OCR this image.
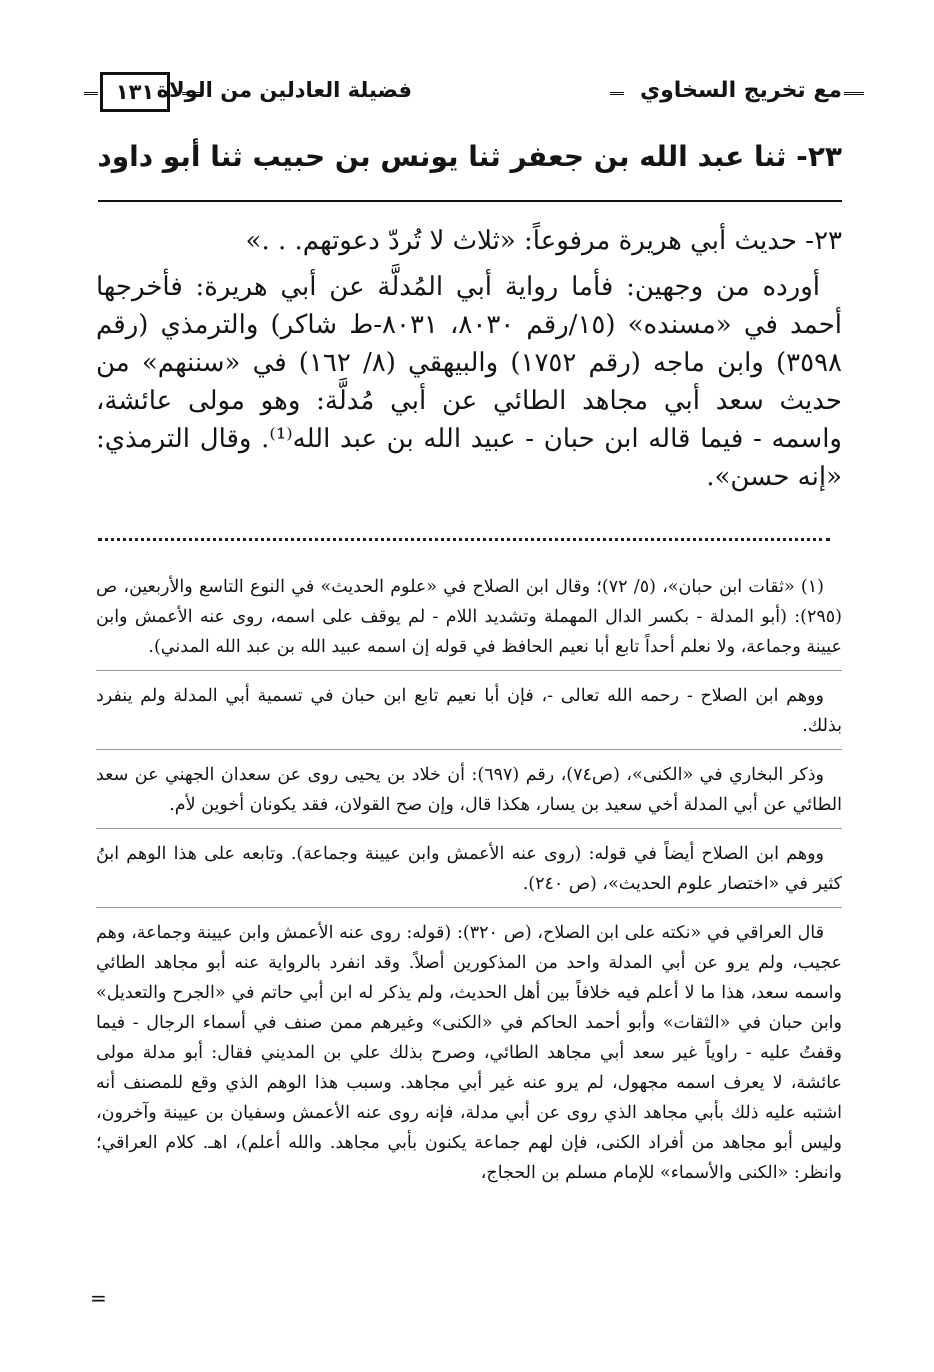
مع تخريج السخاوي
فضيلة العادلين من الولاة
١٣١
٢٣- ثنا عبد الله بن جعفر ثنا يونس بن حبيب ثنا أبو داود

٢٣- حديث أبي هريرة مرفوعاً: «ثلاث لا تُردّ دعوتهم. . .»

أورده من وجهين: فأما رواية أبي المُدلَّة عن أبي هريرة: فأخرجها أحمد في «مسنده» (١٥/رقم ٨٠٣٠، ٨٠٣١-ط شاكر) والترمذي (رقم ٣٥٩٨) وابن ماجه (رقم ١٧٥٢) والبيهقي (٨/ ١٦٢) في «سننهم» من حديث سعد أبي مجاهد الطائي عن أبي مُدلَّة: وهو مولى عائشة، واسمه - فيما قاله ابن حبان - عبيد الله بن عبد الله⁽¹⁾. وقال الترمذي: «إنه حسن».

(١) «ثقات ابن حبان»، (٥/ ٧٢)؛ وقال ابن الصلاح في «علوم الحديث» في النوع التاسع والأربعين، ص (٢٩٥): (أبو المدلة - بكسر الدال المهملة وتشديد اللام - لم يوقف على اسمه، روى عنه الأعمش وابن عيينة وجماعة، ولا نعلم أحداً تابع أبا نعيم الحافظ في قوله إن اسمه عبيد الله بن عبد الله المدني).

ووهم ابن الصلاح - رحمه الله تعالى -، فإن أبا نعيم تابع ابن حبان في تسمية أبي المدلة ولم ينفرد بذلك.

وذكر البخاري في «الكنى»، (ص٧٤)، رقم (٦٩٧): أن خلاد بن يحيى روى عن سعدان الجهني عن سعد الطائي عن أبي المدلة أخي سعيد بن يسار، هكذا قال، وإن صح القولان، فقد يكونان أخوين لأم.

ووهم ابن الصلاح أيضاً في قوله: (روى عنه الأعمش وابن عيينة وجماعة). وتابعه على هذا الوهم ابنُ كثير في «اختصار علوم الحديث»، (ص ٢٤٠).

قال العراقي في «نكته على ابن الصلاح، (ص ٣٢٠): (قوله: روى عنه الأعمش وابن عيينة وجماعة، وهم عجيب، ولم يرو عن أبي المدلة واحد من المذكورين أصلاً. وقد انفرد بالرواية عنه أبو مجاهد الطائي واسمه سعد، هذا ما لا أعلم فيه خلافاً بين أهل الحديث، ولم يذكر له ابن أبي حاتم في «الجرح والتعديل» وابن حبان في «الثقات» وأبو أحمد الحاكم في «الكنى» وغيرهم ممن صنف في أسماء الرجال - فيما وقفتُ عليه - راوياً غير سعد أبي مجاهد الطائي، وصرح بذلك علي بن المديني فقال: أبو مدلة مولى عائشة، لا يعرف اسمه مجهول، لم يرو عنه غير أبي مجاهد. وسبب هذا الوهم الذي وقع للمصنف أنه اشتبه عليه ذلك بأبي مجاهد الذي روى عن أبي مدلة، فإنه روى عنه الأعمش وسفيان بن عيينة وآخرون، وليس أبو مجاهد من أفراد الكنى، فإن لهم جماعة يكنون بأبي مجاهد. والله أعلم)، اهـ. كلام العراقي؛ وانظر: «الكنى والأسماء» للإمام مسلم بن الحجاج،

=
